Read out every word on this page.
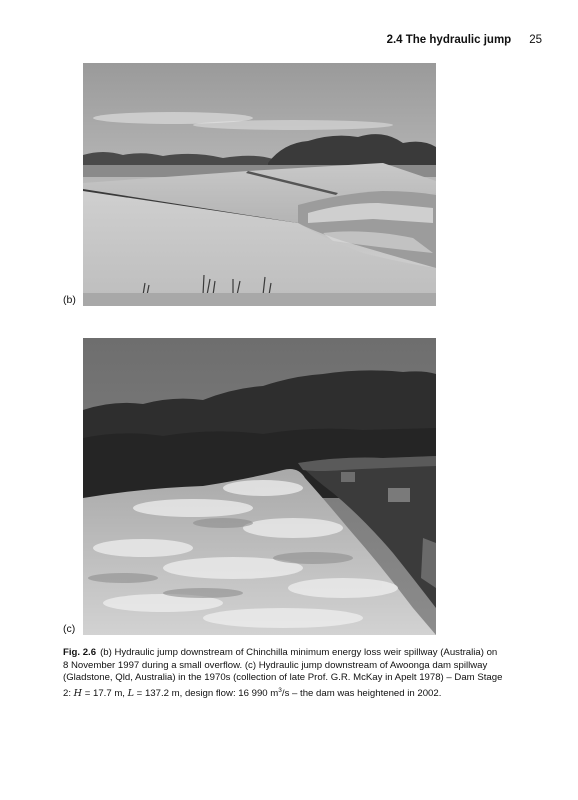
2.4 The hydraulic jump 25
(b)
(c)
Fig. 2.6 (b) Hydraulic jump downstream of Chinchilla minimum energy loss weir spillway (Australia) on 8 November 1997 during a small overflow. (c) Hydraulic jump downstream of Awoonga dam spillway (Gladstone, Qld, Australia) in the 1970s (collection of late Prof. G.R. McKay in Apelt 1978) – Dam Stage 2: H = 17.7 m, L = 137.2 m, design flow: 16 990 $m^3/s$ – the dam was heightened in 2002.
